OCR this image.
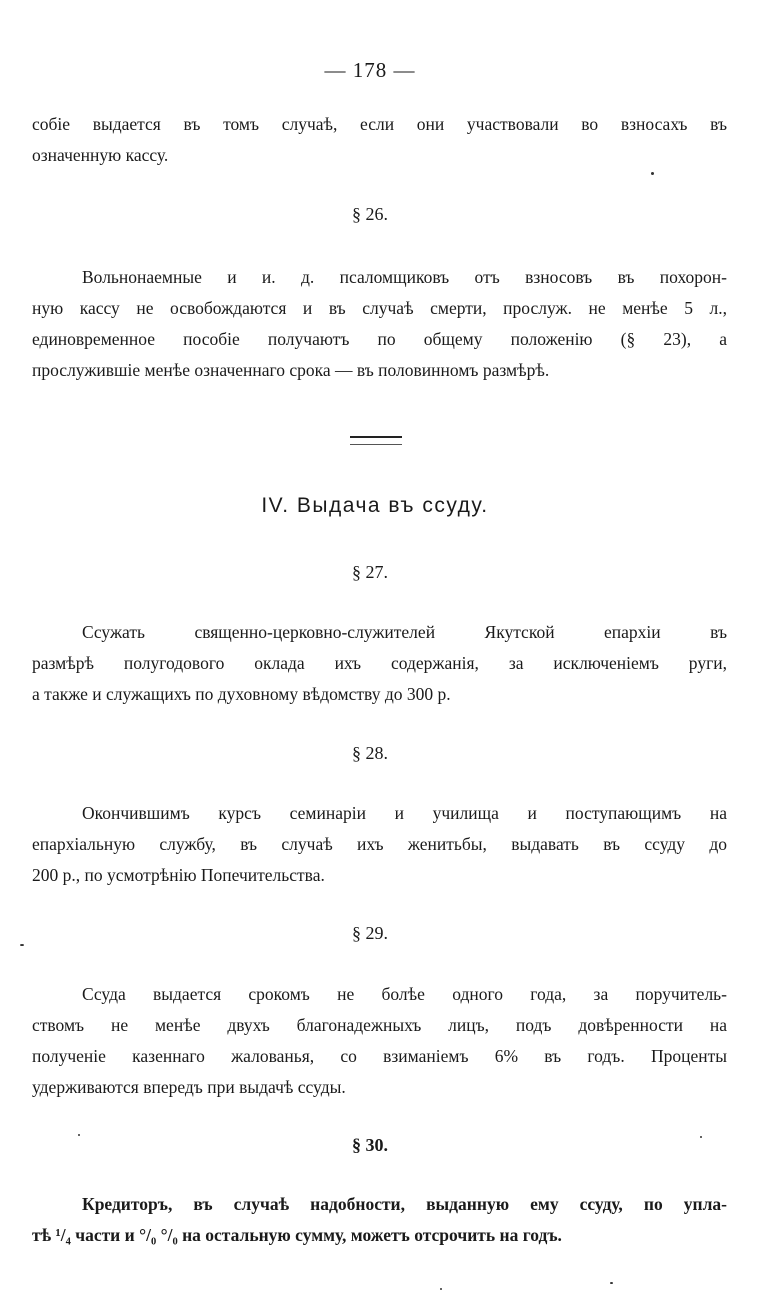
— 178 —

собіе выдается въ томъ случаѣ, если они участвовали во взносахъ въ
означенную кассу.

§ 26.

Вольнонаемные и и. д. псаломщиковъ отъ взносовъ въ похорон-
ную кассу не освобождаются и въ случаѣ смерти, прослуж. не менѣе 5 л.,
единовременное пособіе получаютъ по общему положенію (§ 23), а
прослужившіе менѣе означеннаго срока — въ половинномъ размѣрѣ.

IV. Выдача въ ссуду.
§ 27.

Ссужать священно-церковно-служителей Якутской епархіи въ
размѣрѣ полугодового оклада ихъ содержанія, за исключеніемъ руги,
а также и служащихъ по духовному вѣдомству до 300 р.

§ 28.

Окончившимъ курсъ семинаріи и училища и поступающимъ на
епархіальную службу, въ случаѣ ихъ женитьбы, выдавать въ ссуду до
200 р., по усмотрѣнію Попечительства.

§ 29.

Ссуда выдается срокомъ не болѣе одного года, за поручитель-
ствомъ не менѣе двухъ благонадежныхъ лицъ, подъ довѣренности на
полученіе казеннаго жалованья, со взиманіемъ 6% въ годъ. Проценты
удерживаются впередъ при выдачѣ ссуды.

§ 30.

Кредиторъ, въ случаѣ надобности, выданную ему ссуду, по упла-
тѣ ¹/₄ части и °/₀ °/₀ на остальную сумму, можетъ отсрочить на годъ.
